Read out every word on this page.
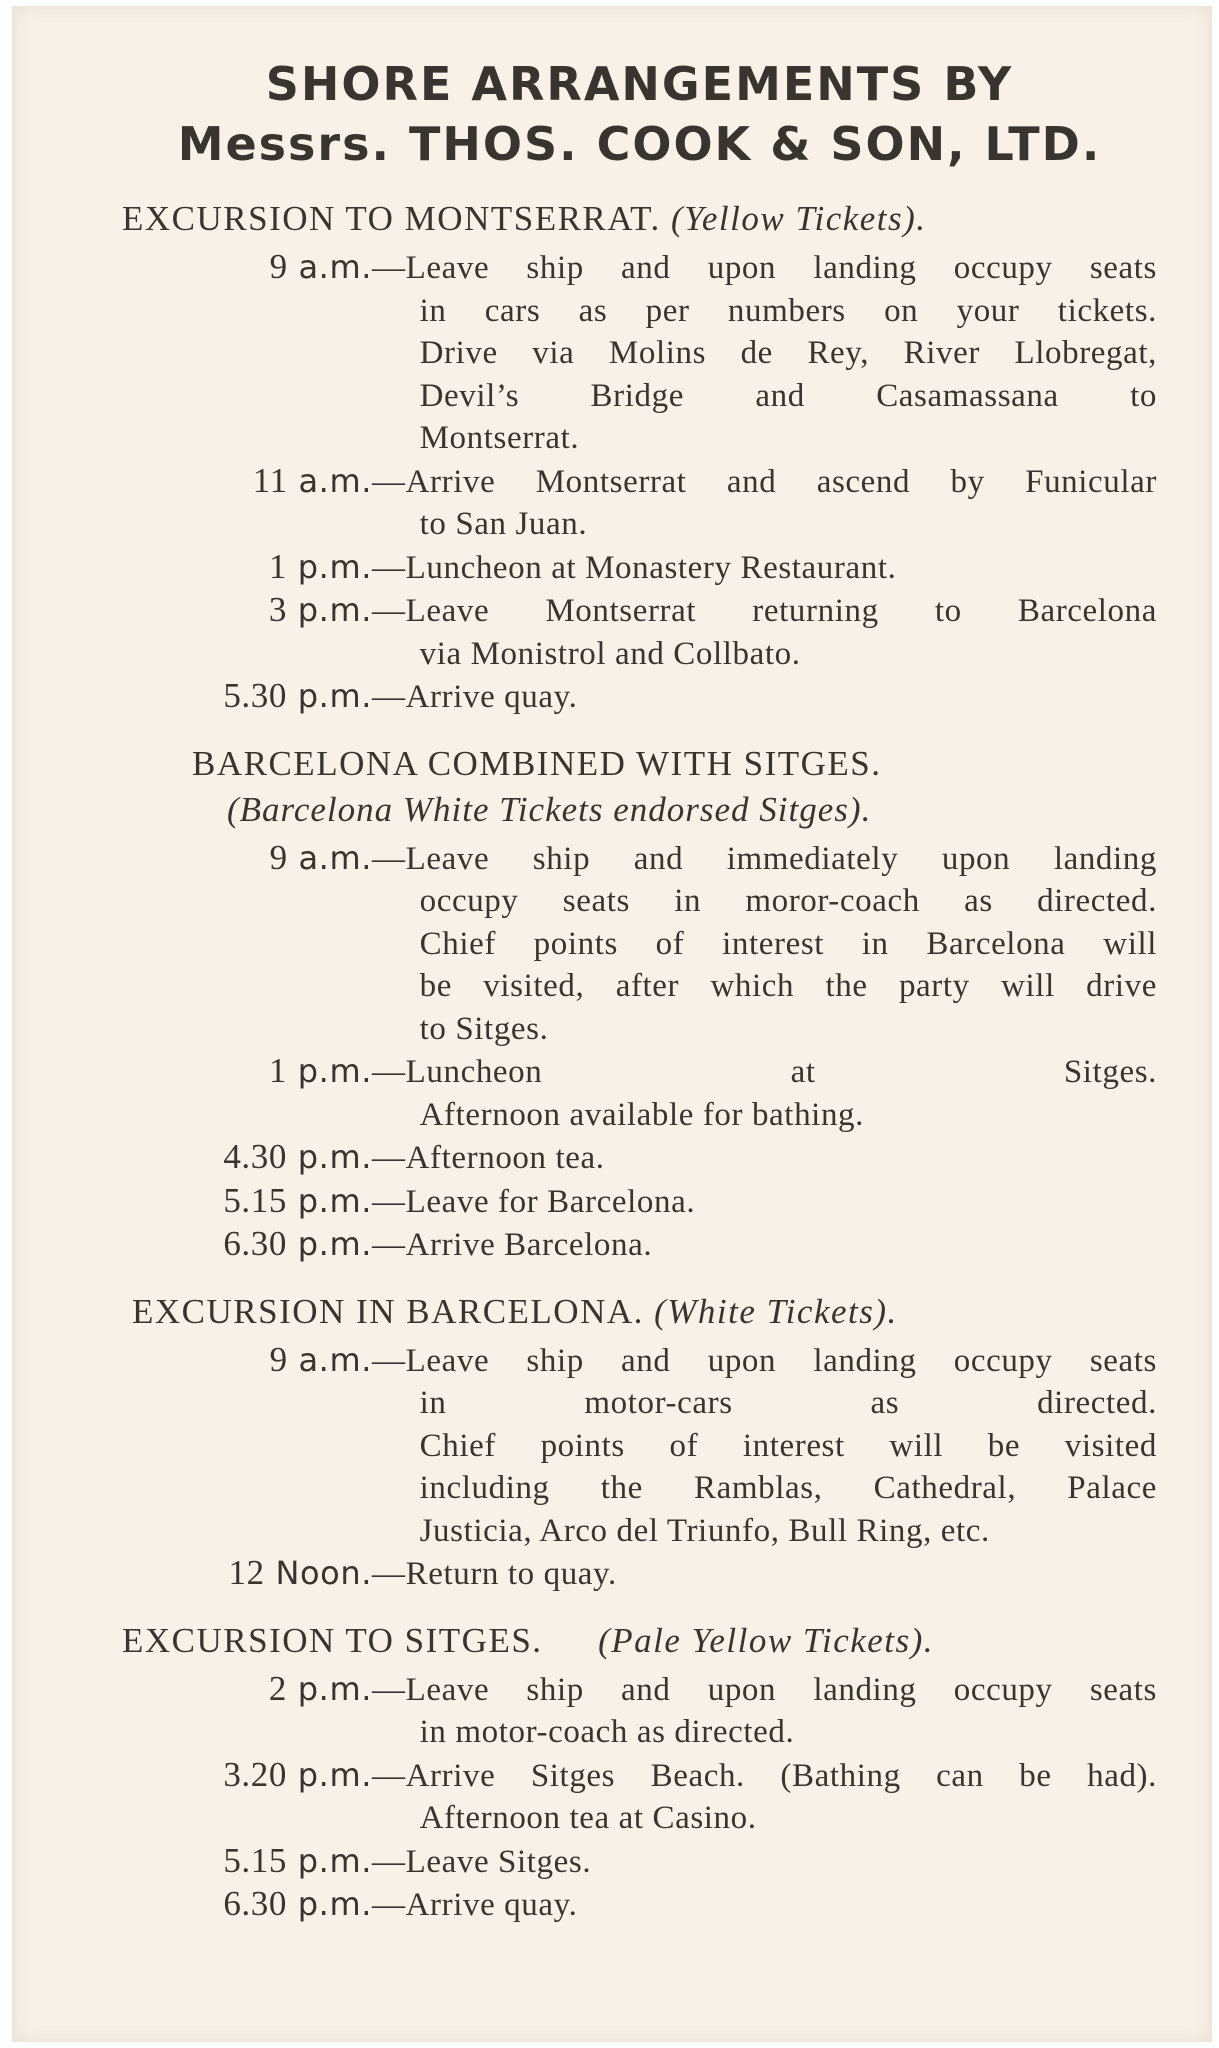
SHORE ARRANGEMENTS BY
Messrs. THOS. COOK & SON, LTD.
EXCURSION TO MONTSERRAT. (Yellow Tickets).
9 a.m. — Leave ship and upon landing occupy seats
in cars as per numbers on your tickets.
Drive via Molins de Rey, River Llobregat,
Devil’s Bridge and Casamassana to
Montserrat.
11 a.m. — Arrive Montserrat and ascend by Funicular
to San Juan.
1 p.m. — Luncheon at Monastery Restaurant.
3 p.m. — Leave Montserrat returning to Barcelona
via Monistrol and Collbato.
5.30 p.m. — Arrive quay.
BARCELONA COMBINED WITH SITGES.
(Barcelona White Tickets endorsed Sitges).
9 a.m. — Leave ship and immediately upon landing
occupy seats in moror-coach as directed.
Chief points of interest in Barcelona will
be visited, after which the party will drive
to Sitges.
1 p.m. — Luncheon at Sitges.
Afternoon available for bathing.
4.30 p.m. — Afternoon tea.
5.15 p.m. — Leave for Barcelona.
6.30 p.m. — Arrive Barcelona.
EXCURSION IN BARCELONA. (White Tickets).
9 a.m. — Leave ship and upon landing occupy seats
in motor-cars as directed.
Chief points of interest will be visited
including the Ramblas, Cathedral, Palace
Justicia, Arco del Triunfo, Bull Ring, etc.
12 Noon. — Return to quay.
EXCURSION TO SITGES.   (Pale Yellow Tickets).
2 p.m. — Leave ship and upon landing occupy seats
in motor-coach as directed.
3.20 p.m. — Arrive Sitges Beach. (Bathing can be had).
Afternoon tea at Casino.
5.15 p.m. — Leave Sitges.
6.30 p.m. — Arrive quay.
